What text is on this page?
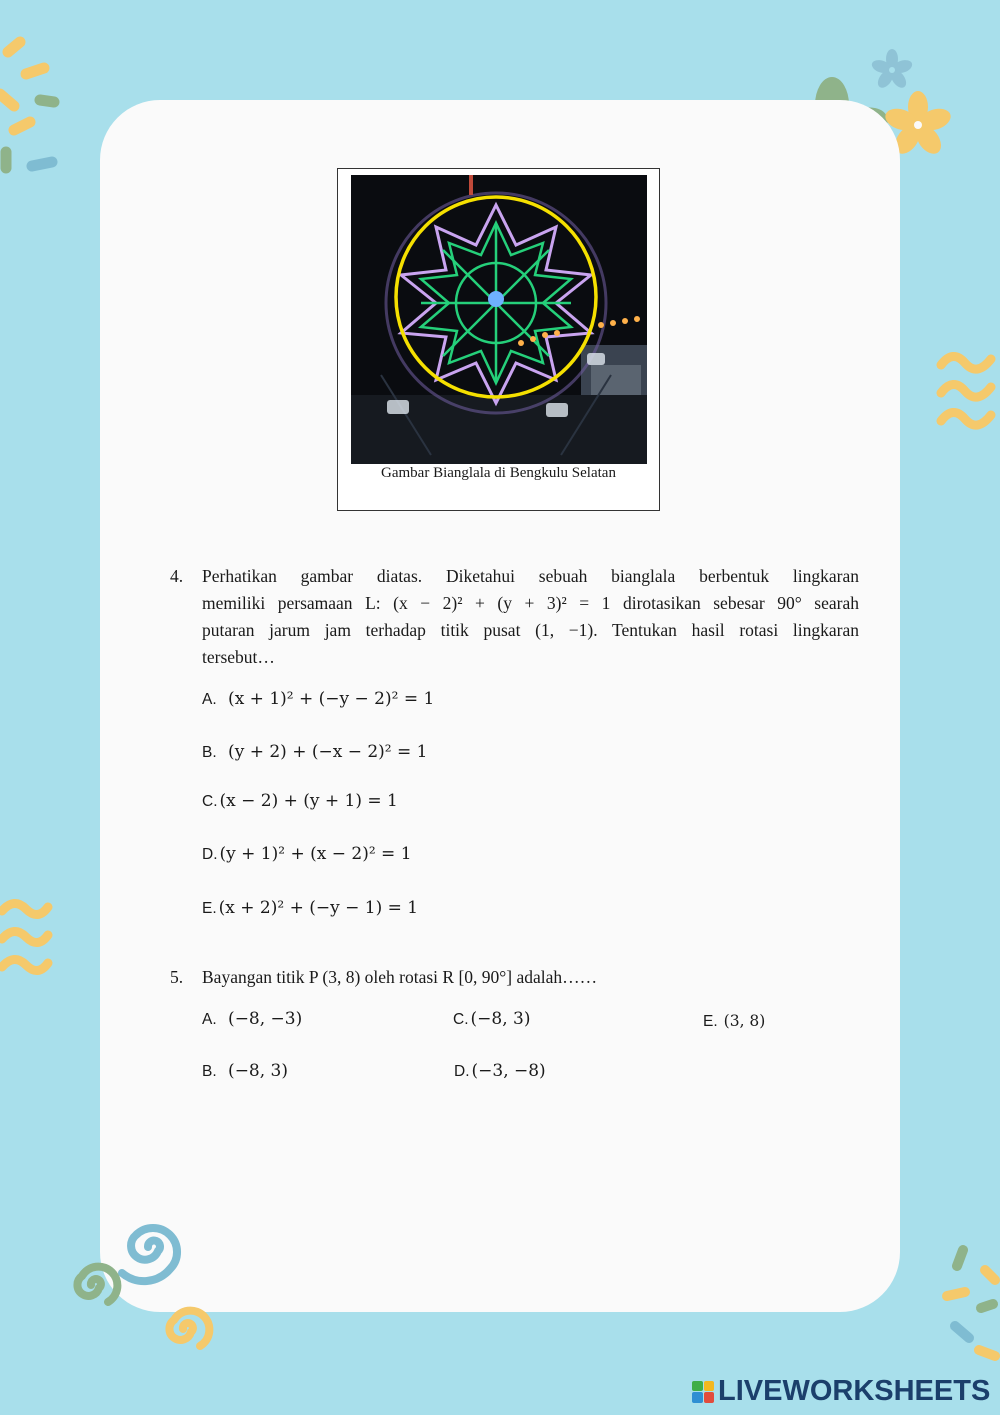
Gambar Bianglala di Bengkulu Selatan
4. Perhatikan gambar diatas. Diketahui sebuah bianglala berbentuk lingkaran
memiliki persamaan L: (x − 2)² + (y + 3)² = 1 dirotasikan sebesar 90° searah
putaran jarum jam terhadap titik pusat (1, −1). Tentukan hasil rotasi lingkaran
tersebut…
A. (x + 1)² + (−y − 2)² = 1
B. (y + 2) + (−x − 2)² = 1
C. (x − 2) + (y + 1) = 1
D. (y + 1)² + (x − 2)² = 1
E. (x + 2)² + (−y − 1) = 1
5. Bayangan titik P (3, 8) oleh rotasi R [0, 90°] adalah……
A. (−8, −3)	C. (−8, 3)	E. (3, 8)
B. (−8, 3)	D. (−3, −8)
LIVEWORKSHEETS
